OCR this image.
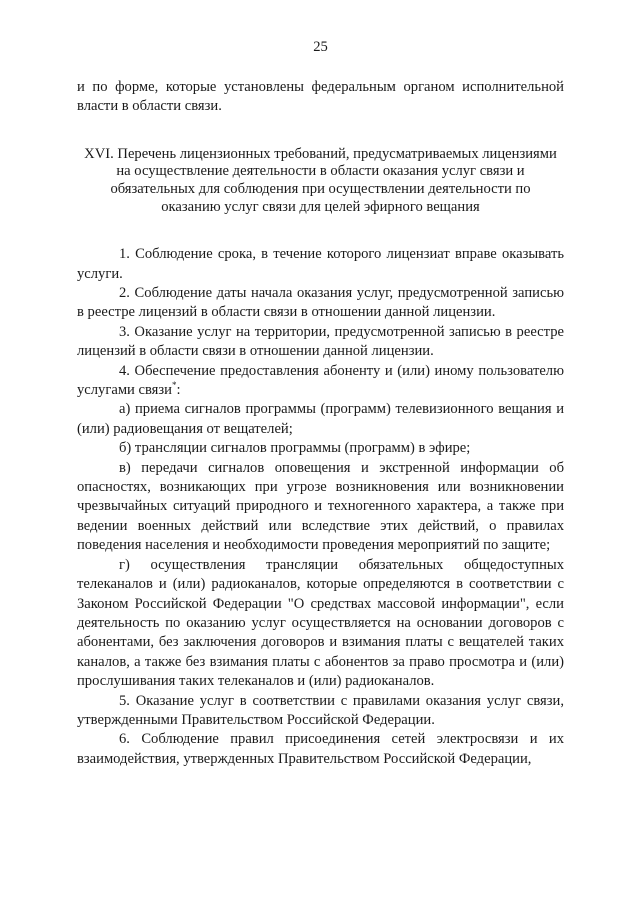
25

и по форме, которые установлены федеральным органом исполнительной власти в области связи.

XVI. Перечень лицензионных требований, предусматриваемых лицензиями на осуществление деятельности в области оказания услуг связи и обязательных для соблюдения при осуществлении деятельности по оказанию услуг связи для целей эфирного вещания

1. Соблюдение срока, в течение которого лицензиат вправе оказывать услуги.

2. Соблюдение даты начала оказания услуг, предусмотренной записью в реестре лицензий в области связи в отношении данной лицензии.

3. Оказание услуг на территории, предусмотренной записью в реестре лицензий в области связи в отношении данной лицензии.

4. Обеспечение предоставления абоненту и (или) иному пользователю услугами связи*:

а) приема сигналов программы (программ) телевизионного вещания и (или) радиовещания от вещателей;

б) трансляции сигналов программы (программ) в эфире;

в) передачи сигналов оповещения и экстренной информации об опасностях, возникающих при угрозе возникновения или возникновении чрезвычайных ситуаций природного и техногенного характера, а также при ведении военных действий или вследствие этих действий, о правилах поведения населения и необходимости проведения мероприятий по защите;

г) осуществления трансляции обязательных общедоступных телеканалов и (или) радиоканалов, которые определяются в соответствии с Законом Российской Федерации "О средствах массовой информации", если деятельность по оказанию услуг осуществляется на основании договоров с абонентами, без заключения договоров и взимания платы с вещателей таких каналов, а также без взимания платы с абонентов за право просмотра и (или) прослушивания таких телеканалов и (или) радиоканалов.

5. Оказание услуг в соответствии с правилами оказания услуг связи, утвержденными Правительством Российской Федерации.

6. Соблюдение правил присоединения сетей электросвязи и их взаимодействия, утвержденных Правительством Российской Федерации,
